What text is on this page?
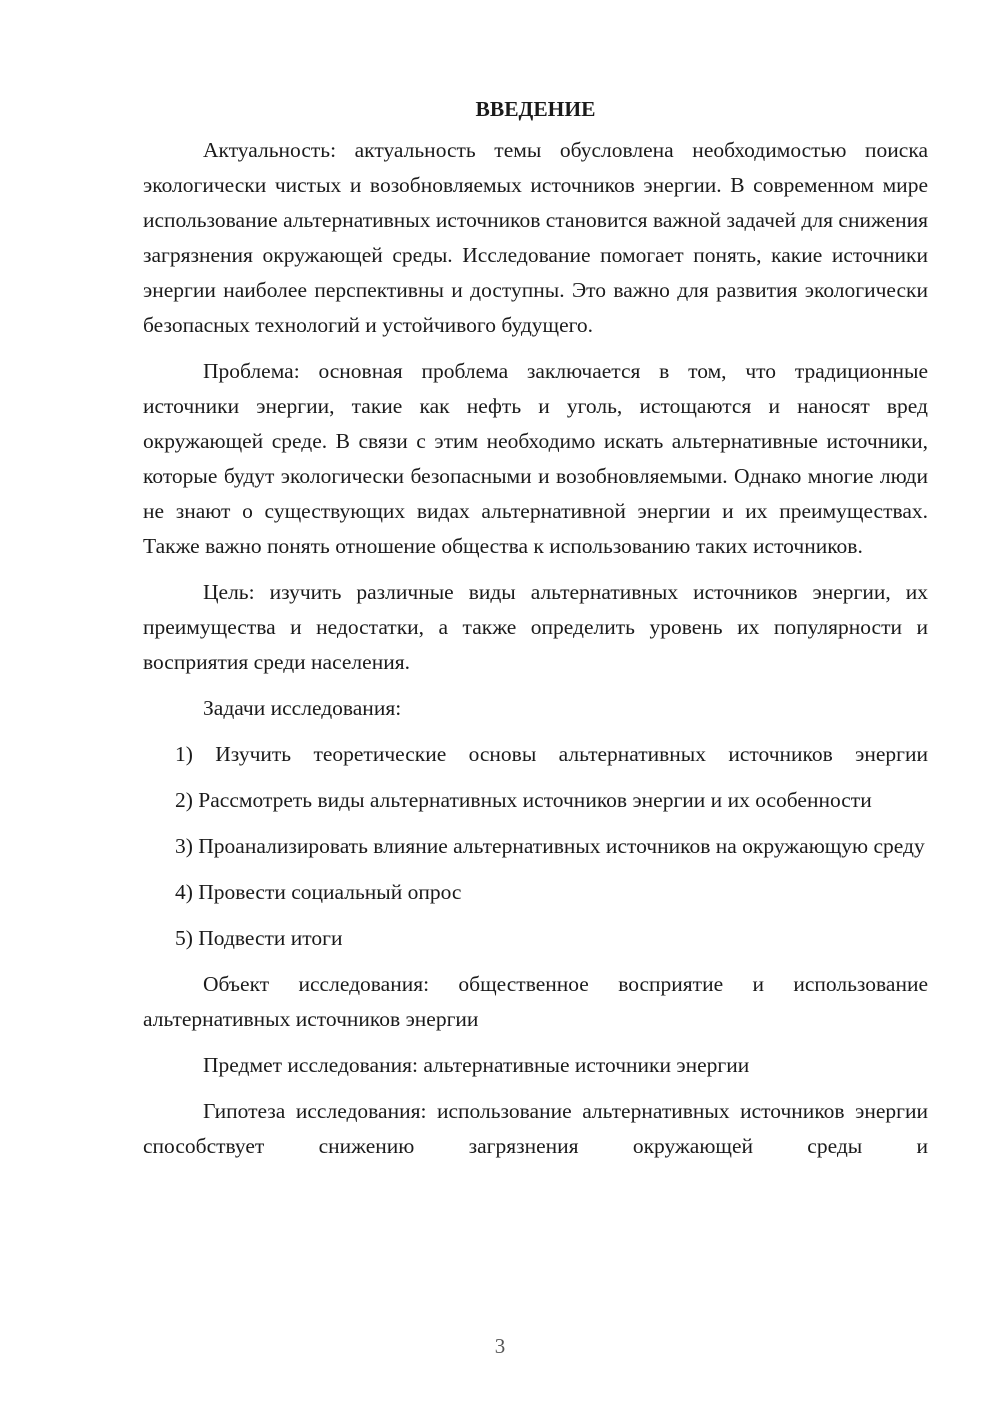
ВВЕДЕНИЕ

Актуальность: актуальность темы обусловлена необходимостью поиска экологически чистых и возобновляемых источников энергии. В современном мире использование альтернативных источников становится важной задачей для снижения загрязнения окружающей среды. Исследование помогает понять, какие источники энергии наиболее перспективны и доступны. Это важно для развития экологически безопасных технологий и устойчивого будущего.

Проблема: основная проблема заключается в том, что традиционные источники энергии, такие как нефть и уголь, истощаются и наносят вред окружающей среде. В связи с этим необходимо искать альтернативные источники, которые будут экологически безопасными и возобновляемыми. Однако многие люди не знают о существующих видах альтернативной энергии и их преимуществах. Также важно понять отношение общества к использованию таких источников.

Цель: изучить различные виды альтернативных источников энергии, их преимущества и недостатки, а также определить уровень их популярности и восприятия среди населения.

Задачи исследования:

1) Изучить теоретические основы альтернативных источников энергии

2) Рассмотреть виды альтернативных источников энергии и их особенности

3) Проанализировать влияние альтернативных источников на окружающую среду

4) Провести социальный опрос

5) Подвести итоги

Объект исследования: общественное восприятие и использование альтернативных источников энергии

Предмет исследования: альтернативные источники энергии

Гипотеза исследования: использование альтернативных источников энергии способствует снижению загрязнения окружающей среды и

3
